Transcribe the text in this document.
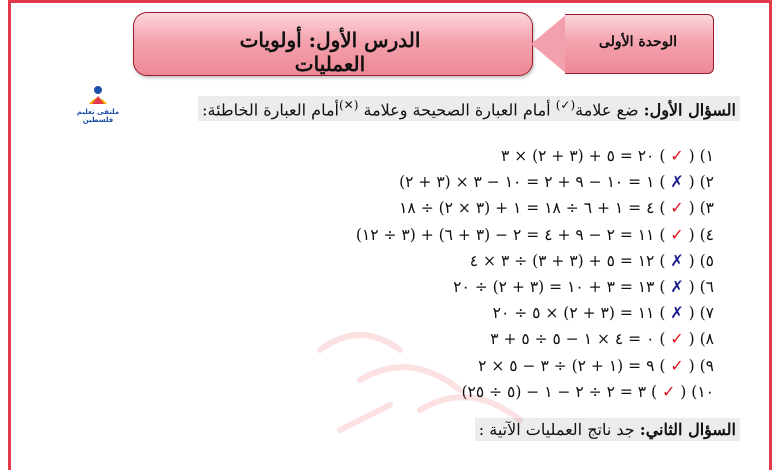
الدرس الأول: أولويات العمليات
الوحدة الأولى
ملتقى تعليم فلسطين
السؤال الأول: ضع علامة(✓) أمام العبارة الصحيحة وعلامة (✕)أمام العبارة الخاطئة:
١) ( ✓ ) ٢٠ = ٥ + (٣ + ٢) × ٣
٢) ( ✗ ) ١ = ١٠ − ٩ + ٢ = ١٠ − ٣ × (٣ + ٢)
٣) ( ✓ ) ٤ = ١ + ٦ ÷ ١٨ = ١ + (٣ × ٢) ÷ ١٨
٤) ( ✓ ) ١١ = ٢ − ٩ + ٤ = ٢ − (٣ + ٦) + (٣ ÷ ١٢)
٥) ( ✗ ) ١٢ = ٥ + (٣ + ٣) ÷ ٣ × ٤
٦) ( ✗ ) ١٣ = ٣ + ١٠ = (٣ + ٢) ÷ ٢٠
٧) ( ✗ ) ١١ = (٣ + ٢) × ٥ ÷ ٢٠
٨) ( ✓ ) ٠ = ٤ × ١ − ٥ ÷ ٥ + ٣
٩) ( ✓ ) ٩ = (١ + ٢) ÷ ٣ − ٥ × ٢
١٠) ( ✓ ) ٣ = ٢ ÷ ٢ − ١ − (٥ ÷ ٢٥)
السؤال الثاني: جد ناتج العمليات الآتية :
